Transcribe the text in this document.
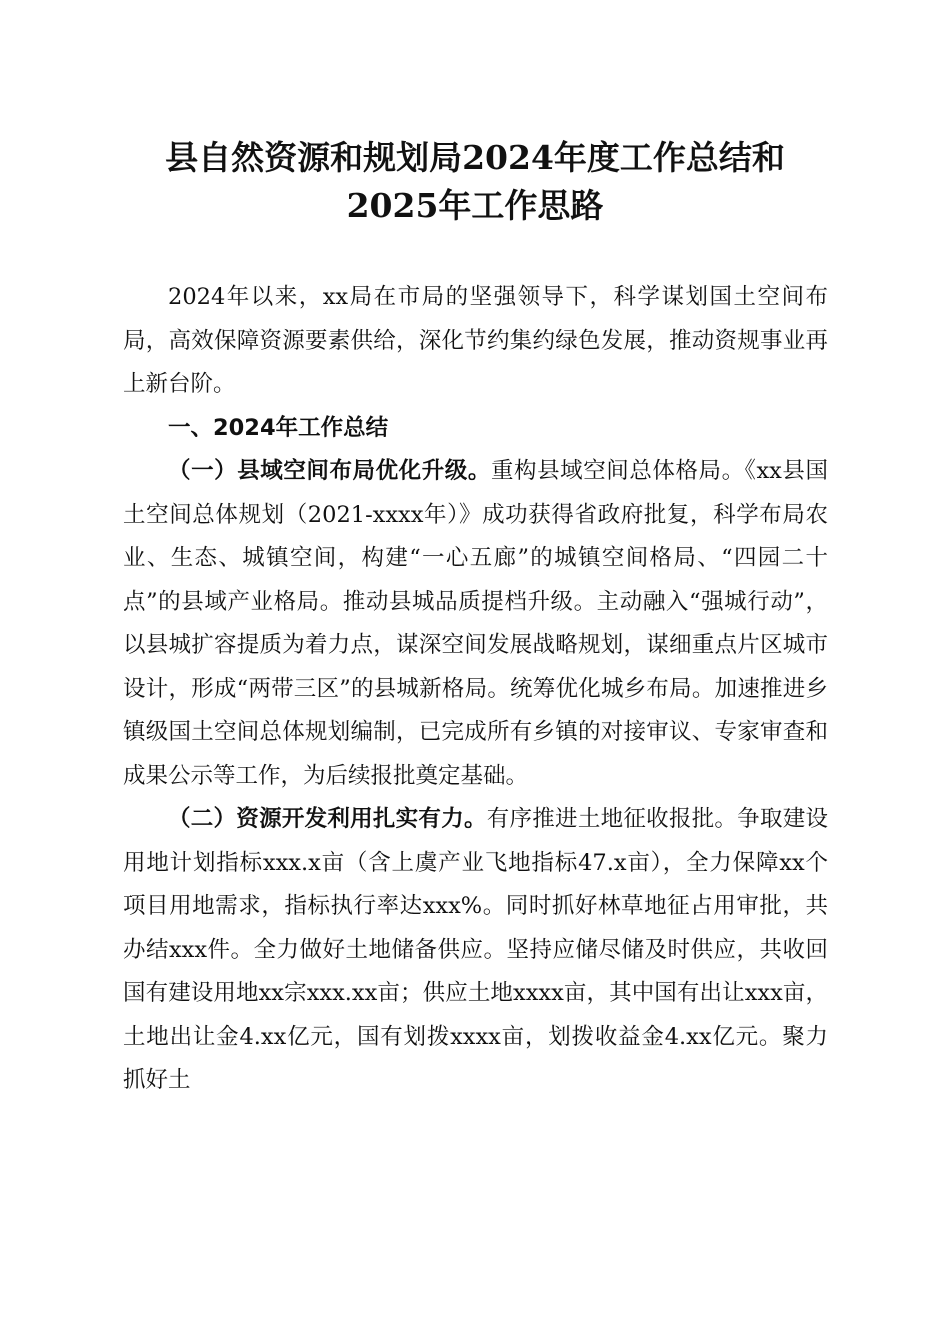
县自然资源和规划局2024年度工作总结和
2025年工作思路

2024年以来，xx局在市局的坚强领导下，科学谋划国土空间布局，高效保障资源要素供给，深化节约集约绿色发展，推动资规事业再上新台阶。

一、2024年工作总结

（一）县域空间布局优化升级。重构县域空间总体格局。《xx县国土空间总体规划（2021-xxxx年）》成功获得省政府批复，科学布局农业、生态、城镇空间，构建“一心五廊”的城镇空间格局、“四园二十点”的县域产业格局。推动县城品质提档升级。主动融入“强城行动”，以县城扩容提质为着力点，谋深空间发展战略规划，谋细重点片区城市设计，形成“两带三区”的县城新格局。统筹优化城乡布局。加速推进乡镇级国土空间总体规划编制，已完成所有乡镇的对接审议、专家审查和成果公示等工作，为后续报批奠定基础。

（二）资源开发利用扎实有力。有序推进土地征收报批。争取建设用地计划指标xxx.x亩（含上虞产业飞地指标47.x亩），全力保障xx个项目用地需求，指标执行率达xxx%。同时抓好林草地征占用审批，共办结xxx件。全力做好土地储备供应。坚持应储尽储及时供应，共收回国有建设用地xx宗xxx.xx亩；供应土地xxxx亩，其中国有出让xxx亩，土地出让金4.xx亿元，国有划拨xxxx亩，划拨收益金4.xx亿元。聚力抓好土
